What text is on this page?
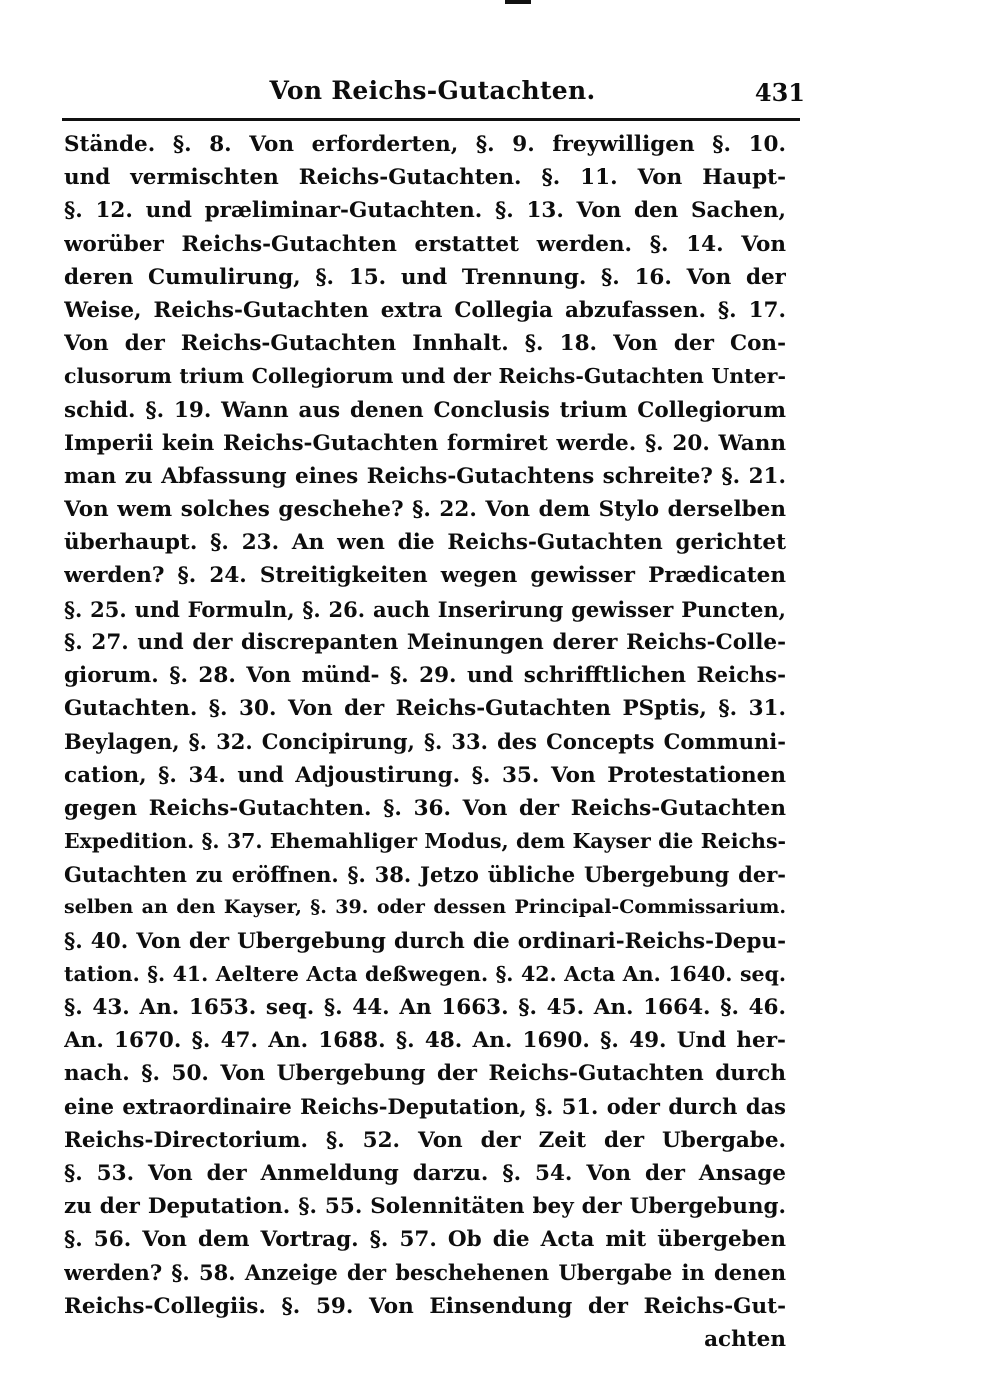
Von Reichs-Gutachten.	431
Stände. §. 8. Von erforderten, §. 9. freywilligen §. 10.
und vermischten Reichs-Gutachten. §. 11. Von Haupt-
§. 12. und præliminar-Gutachten. §. 13. Von den Sachen,
worüber Reichs-Gutachten erstattet werden. §. 14. Von
deren Cumulirung, §. 15. und Trennung. §. 16. Von der
Weise, Reichs-Gutachten extra Collegia abzufassen. §. 17.
Von der Reichs-Gutachten Innhalt. §. 18. Von der Con-
clusorum trium Collegiorum und der Reichs-Gutachten Unter-
schid. §. 19. Wann aus denen Conclusis trium Collegiorum
Imperii kein Reichs-Gutachten formiret werde. §. 20. Wann
man zu Abfassung eines Reichs-Gutachtens schreite? §. 21.
Von wem solches geschehe? §. 22. Von dem Stylo derselben
überhaupt. §. 23. An wen die Reichs-Gutachten gerichtet
werden? §. 24. Streitigkeiten wegen gewisser Prædicaten
§. 25. und Formuln, §. 26. auch Inserirung gewisser Puncten,
§. 27. und der discrepanten Meinungen derer Reichs-Colle-
giorum. §. 28. Von münd- §. 29. und schrifftlichen Reichs-
Gutachten. §. 30. Von der Reichs-Gutachten PSptis, §. 31.
Beylagen, §. 32. Concipirung, §. 33. des Concepts Communi-
cation, §. 34. und Adjoustirung. §. 35. Von Protestationen
gegen Reichs-Gutachten. §. 36. Von der Reichs-Gutachten
Expedition. §. 37. Ehemahliger Modus, dem Kayser die Reichs-
Gutachten zu eröffnen. §. 38. Jetzo übliche Ubergebung der-
selben an den Kayser, §. 39. oder dessen Principal-Commissarium.
§. 40. Von der Ubergebung durch die ordinari-Reichs-Depu-
tation. §. 41. Aeltere Acta deßwegen. §. 42. Acta An. 1640. seq.
§. 43. An. 1653. seq. §. 44. An 1663. §. 45. An. 1664. §. 46.
An. 1670. §. 47. An. 1688. §. 48. An. 1690. §. 49. Und her-
nach. §. 50. Von Ubergebung der Reichs-Gutachten durch
eine extraordinaire Reichs-Deputation, §. 51. oder durch das
Reichs-Directorium. §. 52. Von der Zeit der Ubergabe.
§. 53. Von der Anmeldung darzu. §. 54. Von der Ansage
zu der Deputation. §. 55. Solennitäten bey der Ubergebung.
§. 56. Von dem Vortrag. §. 57. Ob die Acta mit übergeben
werden? §. 58. Anzeige der beschehenen Ubergabe in denen
Reichs-Collegiis. §. 59. Von Einsendung der Reichs-Gut-
achten
